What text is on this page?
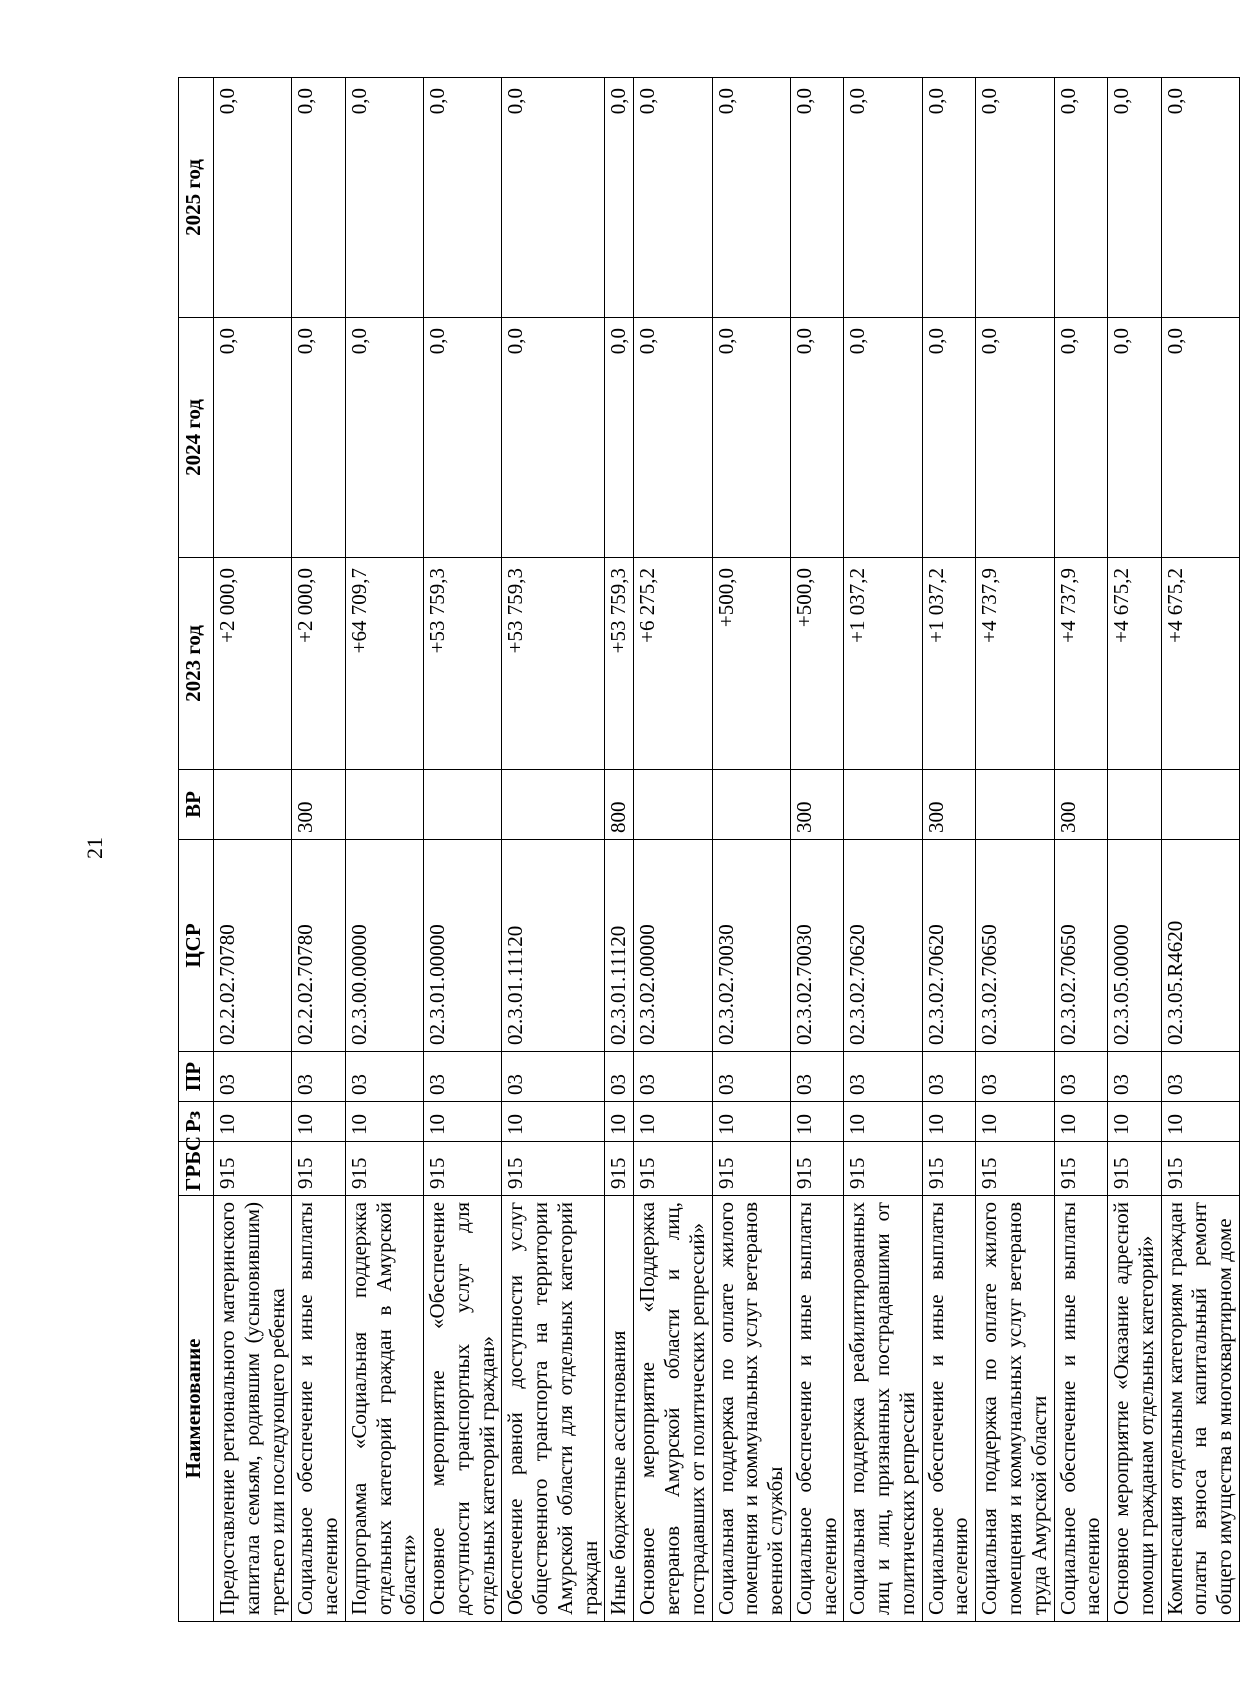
21
Наименование	ГРБС	Рз	ПР	ЦСР	ВР	2023 год	2024 год	2025 год
Предоставление регионального материнского капитала семьям, родившим (усыновившим) третьего или последующего ребенка	915	10	03	02.2.02.70780		+2 000,0	0,0	0,0
Социальное обеспечение и иные выплаты населению	915	10	03	02.2.02.70780	300	+2 000,0	0,0	0,0
Подпрограмма «Социальная поддержка отдельных категорий граждан в Амурской области»	915	10	03	02.3.00.00000		+64 709,7	0,0	0,0
Основное мероприятие «Обеспечение доступности транспортных услуг для отдельных категорий граждан»	915	10	03	02.3.01.00000		+53 759,3	0,0	0,0
Обеспечение равной доступности услуг общественного транспорта на территории Амурской области для отдельных категорий граждан	915	10	03	02.3.01.11120		+53 759,3	0,0	0,0
Иные бюджетные ассигнования	915	10	03	02.3.01.11120	800	+53 759,3	0,0	0,0
Основное мероприятие «Поддержка ветеранов Амурской области и лиц, пострадавших от политических репрессий»	915	10	03	02.3.02.00000		+6 275,2	0,0	0,0
Социальная поддержка по оплате жилого помещения и коммунальных услуг ветеранов военной службы	915	10	03	02.3.02.70030		+500,0	0,0	0,0
Социальное обеспечение и иные выплаты населению	915	10	03	02.3.02.70030	300	+500,0	0,0	0,0
Социальная поддержка реабилитированных лиц и лиц, признанных пострадавшими от политических репрессий	915	10	03	02.3.02.70620		+1 037,2	0,0	0,0
Социальное обеспечение и иные выплаты населению	915	10	03	02.3.02.70620	300	+1 037,2	0,0	0,0
Социальная поддержка по оплате жилого помещения и коммунальных услуг ветеранов труда Амурской области	915	10	03	02.3.02.70650		+4 737,9	0,0	0,0
Социальное обеспечение и иные выплаты населению	915	10	03	02.3.02.70650	300	+4 737,9	0,0	0,0
Основное мероприятие «Оказание адресной помощи гражданам отдельных категорий»	915	10	03	02.3.05.00000		+4 675,2	0,0	0,0
Компенсация отдельным категориям граждан оплаты взноса на капитальный ремонт общего имущества в многоквартирном доме	915	10	03	02.3.05.R4620		+4 675,2	0,0	0,0
